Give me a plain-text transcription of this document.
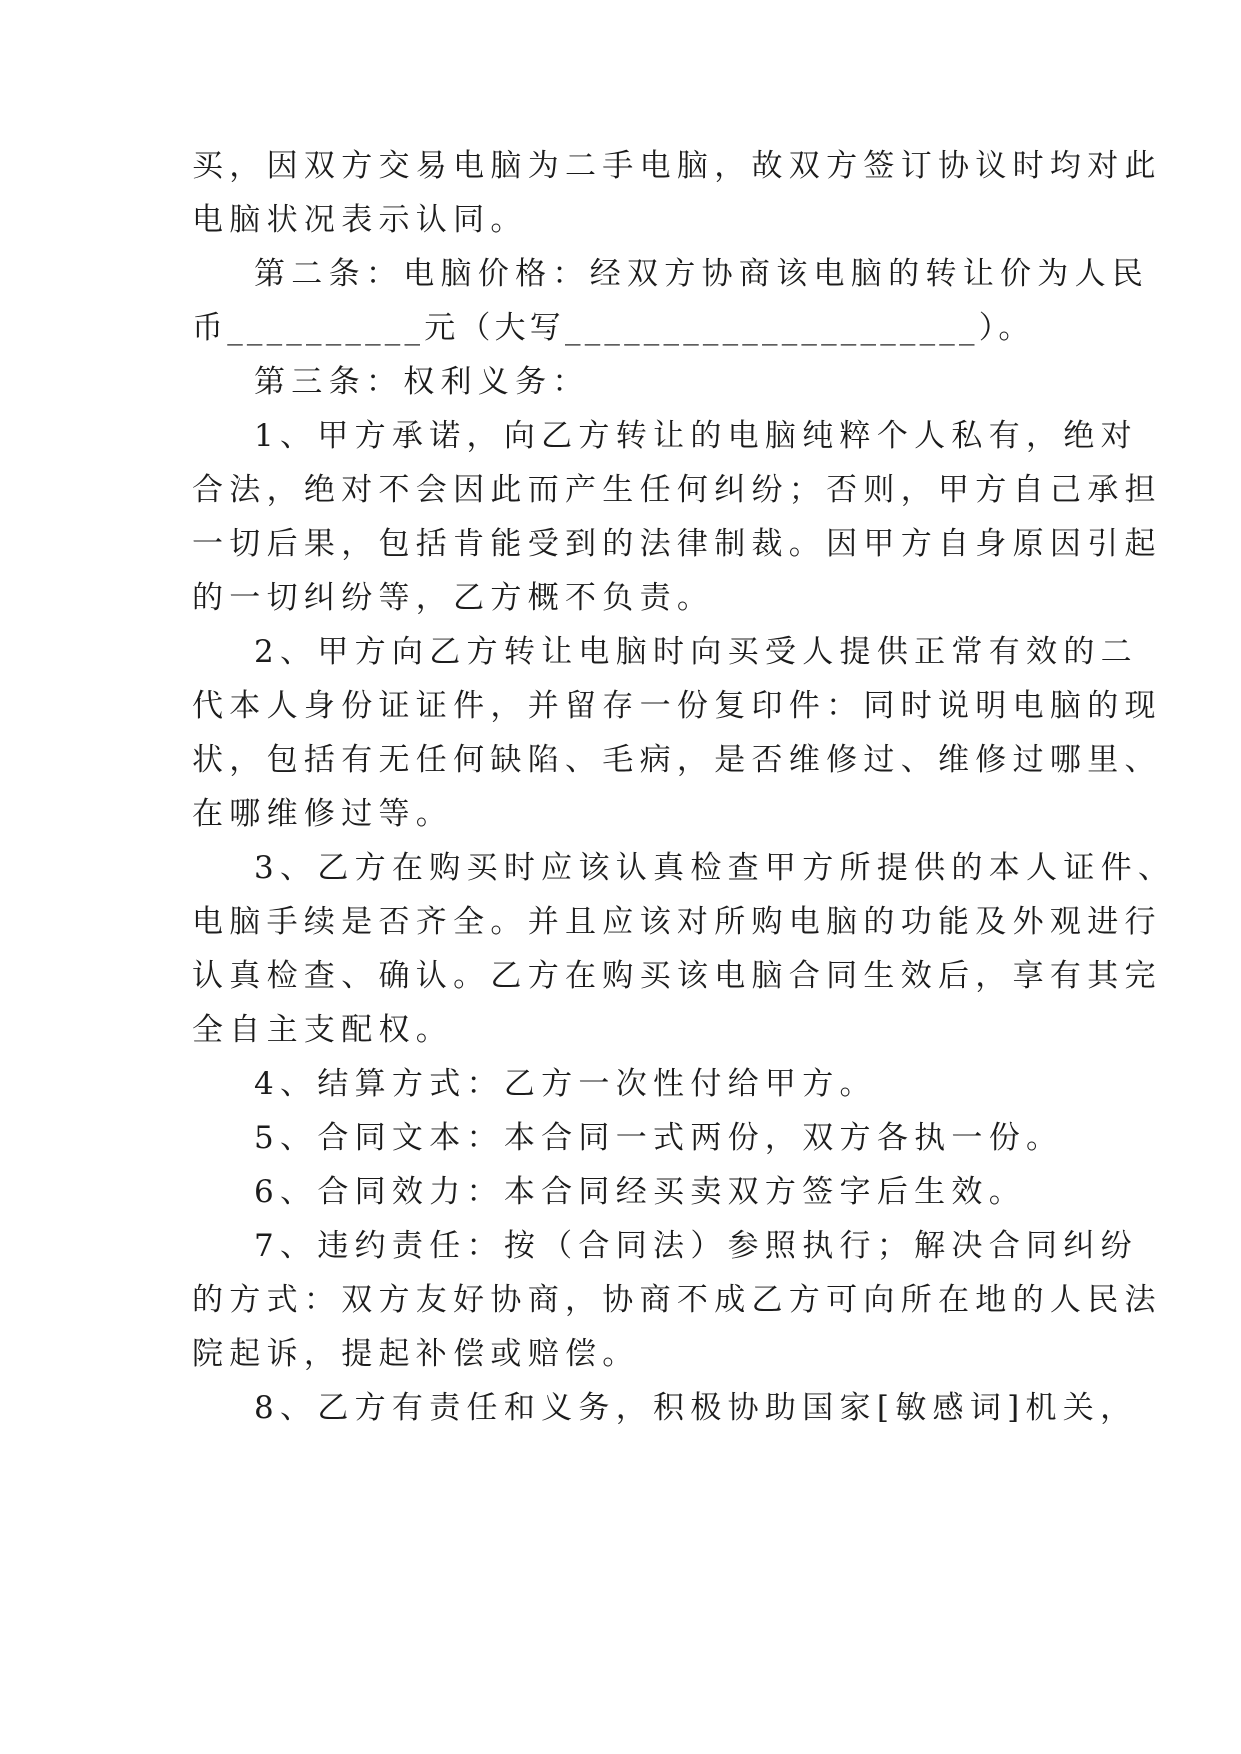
买，因双方交易电脑为二手电脑，故双方签订协议时均对此

电脑状况表示认同。

第二条：电脑价格：经双方协商该电脑的转让价为人民

币__________元（大写_____________________）。

第三条：权利义务：

1、甲方承诺，向乙方转让的电脑纯粹个人私有，绝对

合法，绝对不会因此而产生任何纠纷；否则，甲方自己承担

一切后果，包括肯能受到的法律制裁。因甲方自身原因引起

的一切纠纷等，乙方概不负责。

2、甲方向乙方转让电脑时向买受人提供正常有效的二

代本人身份证证件，并留存一份复印件：同时说明电脑的现

状，包括有无任何缺陷、毛病，是否维修过、维修过哪里、

在哪维修过等。

3、乙方在购买时应该认真检查甲方所提供的本人证件、

电脑手续是否齐全。并且应该对所购电脑的功能及外观进行

认真检查、确认。乙方在购买该电脑合同生效后，享有其完

全自主支配权。

4、结算方式：乙方一次性付给甲方。

5、合同文本：本合同一式两份，双方各执一份。

6、合同效力：本合同经买卖双方签字后生效。

7、违约责任：按（合同法）参照执行；解决合同纠纷

的方式：双方友好协商，协商不成乙方可向所在地的人民法

院起诉，提起补偿或赔偿。

8、乙方有责任和义务，积极协助国家[敏感词]机关，
